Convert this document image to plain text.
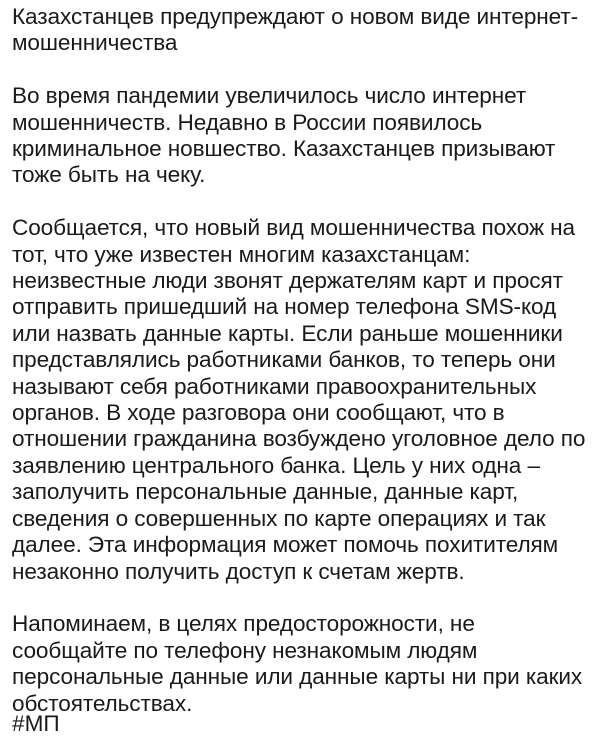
Казахстанцев предупреждают о новом виде интернет-мошенничества

Во время пандемии увеличилось число интернет мошенничеств. Недавно в России появилось криминальное новшество. Казахстанцев призывают тоже быть на чеку.

Сообщается, что новый вид мошенничества похож на тот, что уже известен многим казахстанцам: неизвестные люди звонят держателям карт и просят отправить пришедший на номер телефона SMS-код или назвать данные карты. Если раньше мошенники представлялись работниками банков, то теперь они называют себя работниками правоохранительных органов. В ходе разговора они сообщают, что в отношении гражданина возбуждено уголовное дело по заявлению центрального банка. Цель у них одна – заполучить персональные данные, данные карт, сведения о совершенных по карте операциях и так далее. Эта информация может помочь похитителям незаконно получить доступ к счетам жертв.

Напоминаем, в целях предосторожности, не сообщайте по телефону незнакомым людям персональные данные или данные карты ни при каких обстоятельствах.

#МП
